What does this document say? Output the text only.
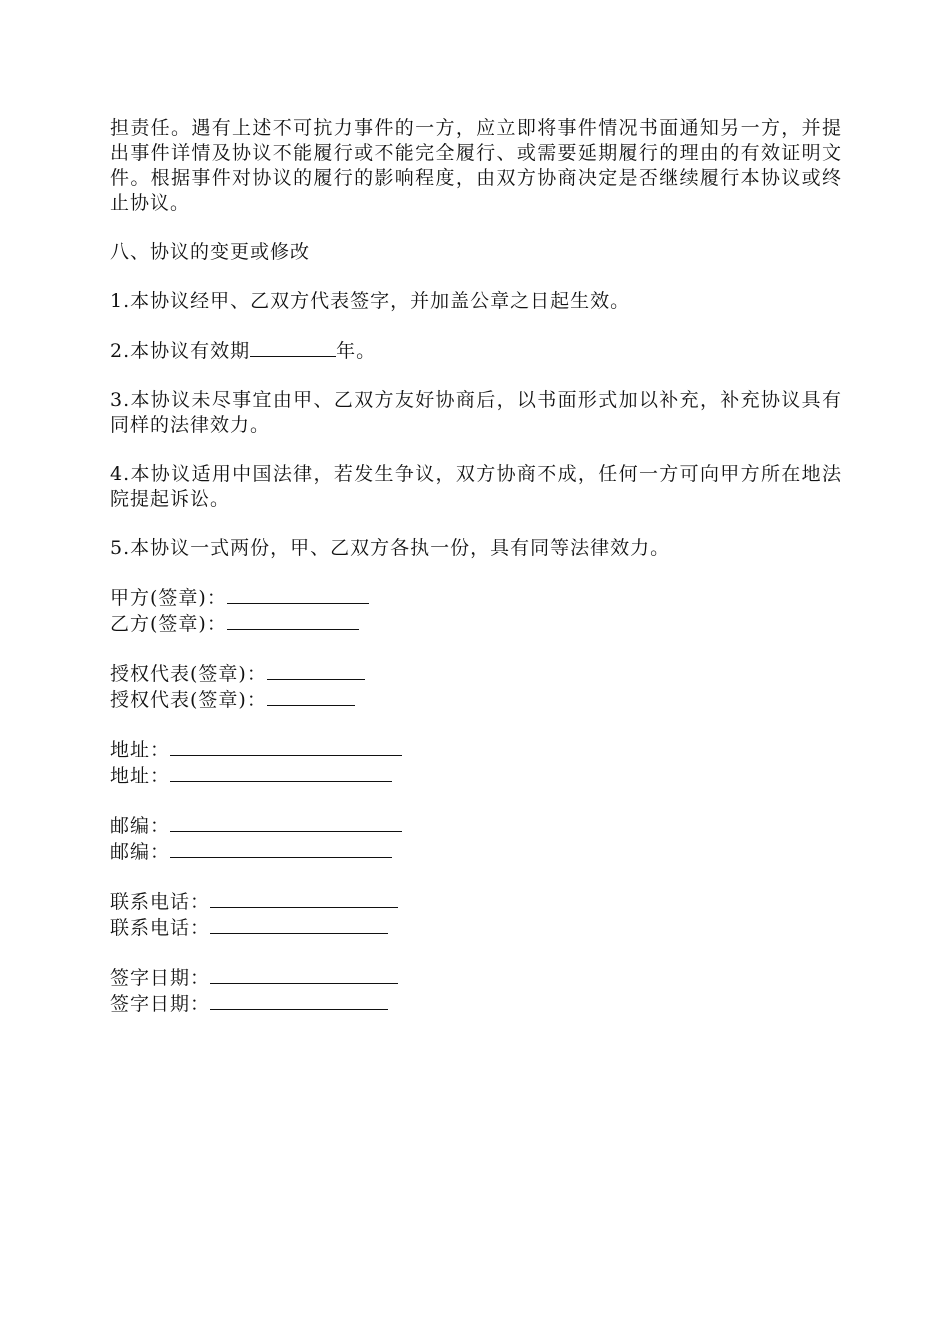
担责任。遇有上述不可抗力事件的一方，应立即将事件情况书面通知另一方，并提出事件详情及协议不能履行或不能完全履行、或需要延期履行的理由的有效证明文件。根据事件对协议的履行的影响程度，由双方协商决定是否继续履行本协议或终止协议。

八、协议的变更或修改

1.本协议经甲、乙双方代表签字，并加盖公章之日起生效。

2.本协议有效期	年。

3.本协议未尽事宜由甲、乙双方友好协商后，以书面形式加以补充，补充协议具有同样的法律效力。

4.本协议适用中国法律，若发生争议，双方协商不成，任何一方可向甲方所在地法院提起诉讼。

5.本协议一式两份，甲、乙双方各执一份，具有同等法律效力。

甲方(签章)：
乙方(签章)：
授权代表(签章)：
授权代表(签章)：
地址：
地址：
邮编：
邮编：
联系电话：
联系电话：
签字日期：
签字日期：
